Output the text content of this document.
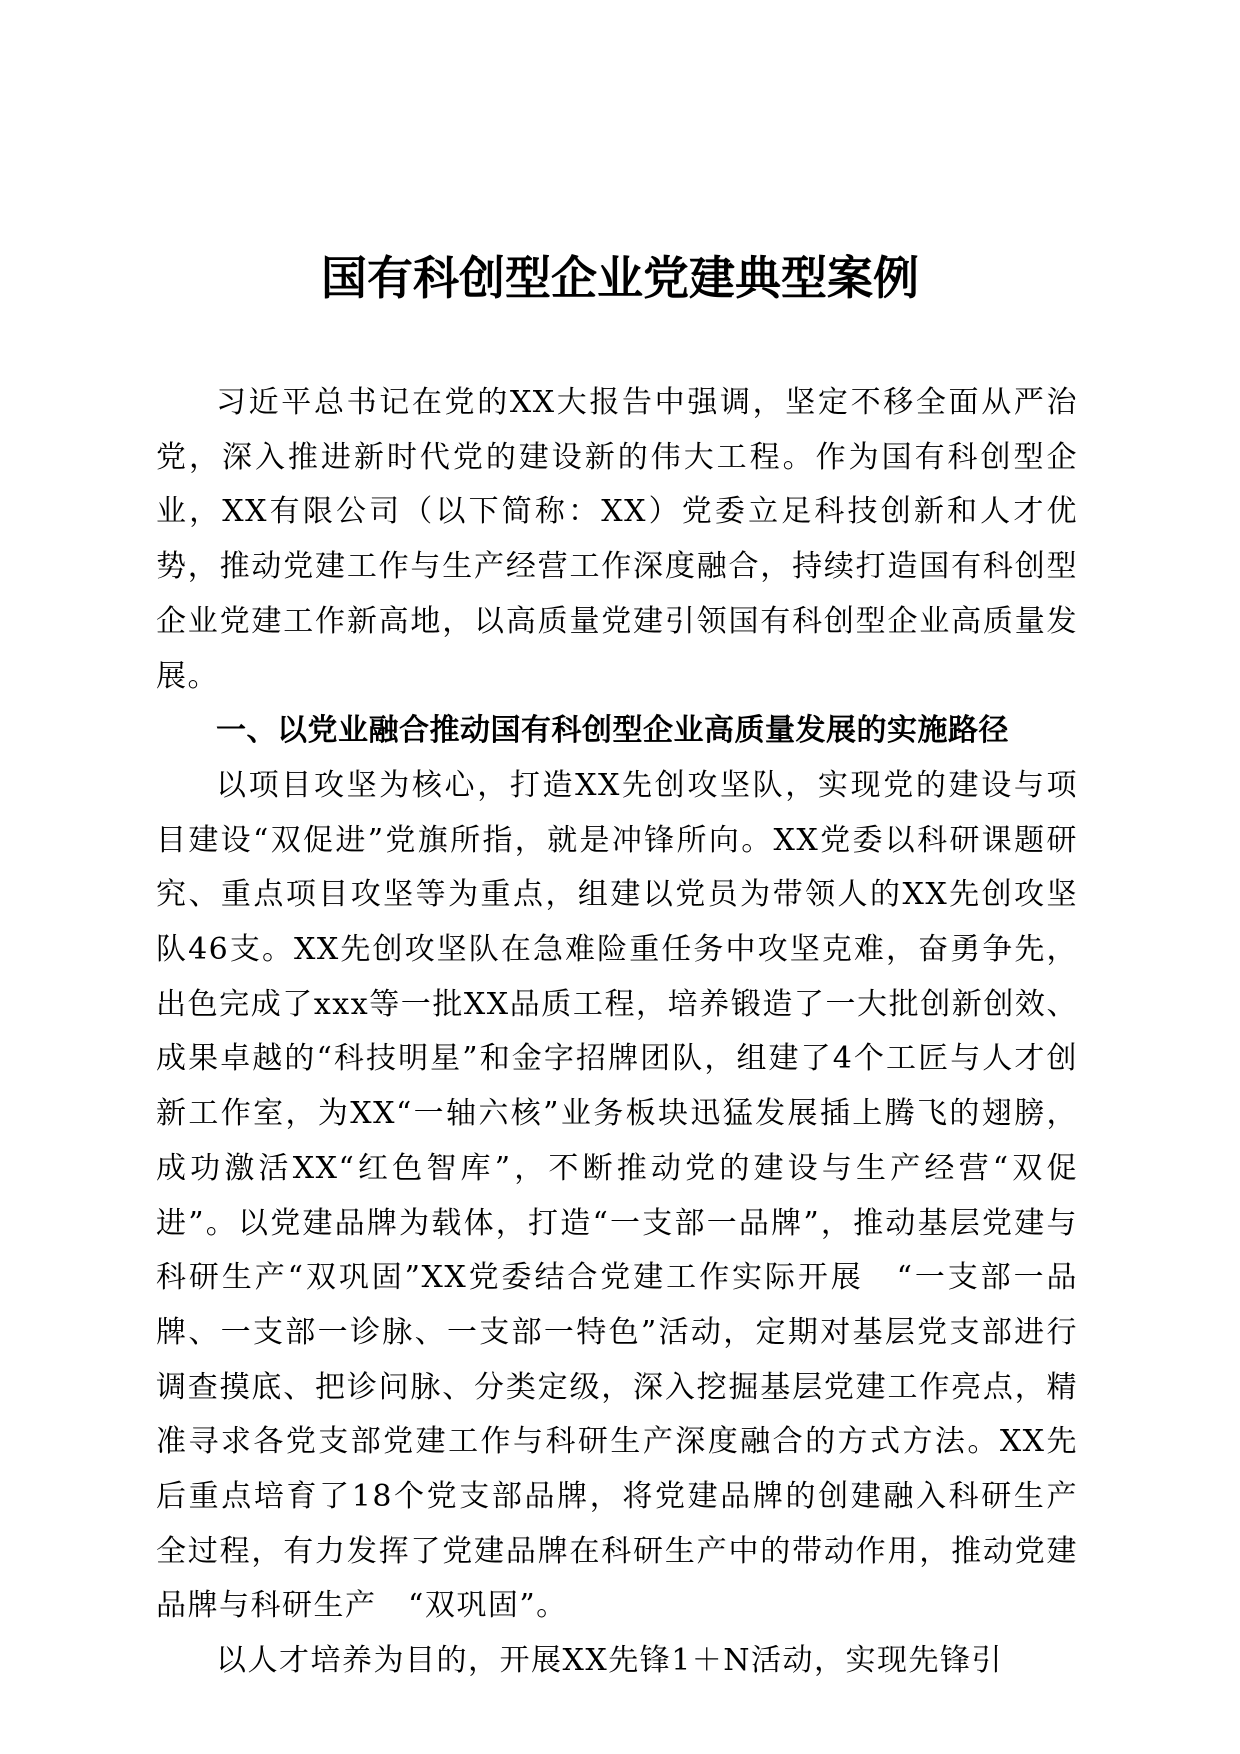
国有科创型企业党建典型案例

习近平总书记在党的XX大报告中强调，坚定不移全面从严治党，深入推进新时代党的建设新的伟大工程。作为国有科创型企业，XX有限公司（以下简称：XX）党委立足科技创新和人才优势，推动党建工作与生产经营工作深度融合，持续打造国有科创型企业党建工作新高地，以高质量党建引领国有科创型企业高质量发展。

一、以党业融合推动国有科创型企业高质量发展的实施路径

以项目攻坚为核心，打造XX先创攻坚队，实现党的建设与项目建设“双促进”党旗所指，就是冲锋所向。XX党委以科研课题研究、重点项目攻坚等为重点，组建以党员为带领人的XX先创攻坚队46支。XX先创攻坚队在急难险重任务中攻坚克难，奋勇争先，出色完成了xxx等一批XX品质工程，培养锻造了一大批创新创效、成果卓越的“科技明星”和金字招牌团队，组建了4个工匠与人才创新工作室，为XX“一轴六核”业务板块迅猛发展插上腾飞的翅膀，成功激活XX“红色智库”，不断推动党的建设与生产经营“双促进”。以党建品牌为载体，打造“一支部一品牌”，推动基层党建与科研生产“双巩固”XX党委结合党建工作实际开展　“一支部一品牌、一支部一诊脉、一支部一特色”活动，定期对基层党支部进行调查摸底、把诊问脉、分类定级，深入挖掘基层党建工作亮点，精准寻求各党支部党建工作与科研生产深度融合的方式方法。XX先后重点培育了18个党支部品牌，将党建品牌的创建融入科研生产全过程，有力发挥了党建品牌在科研生产中的带动作用，推动党建品牌与科研生产　“双巩固”。

以人才培养为目的，开展XX先锋1＋N活动，实现先锋引
